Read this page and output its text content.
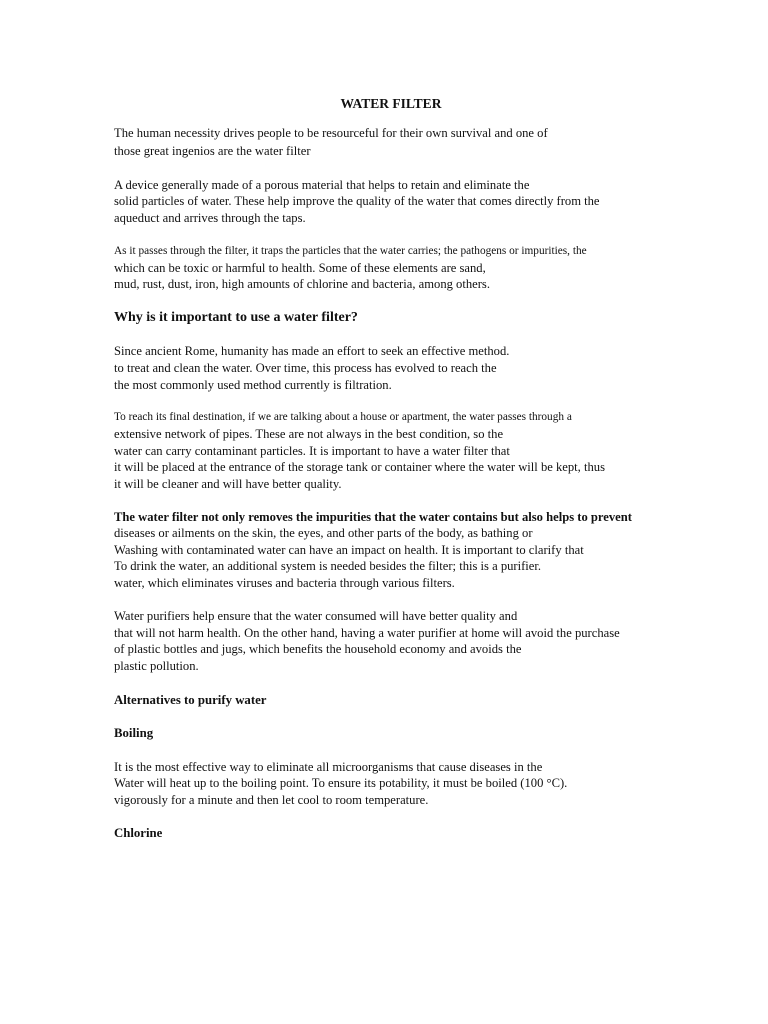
WATER FILTER
The human necessity drives people to be resourceful for their own survival and one of
those great ingenios are the water filter
A device generally made of a porous material that helps to retain and eliminate the
solid particles of water. These help improve the quality of the water that comes directly from the
aqueduct and arrives through the taps.
As it passes through the filter, it traps the particles that the water carries; the pathogens or impurities, the
which can be toxic or harmful to health. Some of these elements are sand,
mud, rust, dust, iron, high amounts of chlorine and bacteria, among others.
Why is it important to use a water filter?
Since ancient Rome, humanity has made an effort to seek an effective method.
to treat and clean the water. Over time, this process has evolved to reach the
the most commonly used method currently is filtration.
To reach its final destination, if we are talking about a house or apartment, the water passes through a
extensive network of pipes. These are not always in the best condition, so the
water can carry contaminant particles. It is important to have a water filter that
it will be placed at the entrance of the storage tank or container where the water will be kept, thus
it will be cleaner and will have better quality.
The water filter not only removes the impurities that the water contains but also helps to prevent
diseases or ailments on the skin, the eyes, and other parts of the body, as bathing or
Washing with contaminated water can have an impact on health. It is important to clarify that
To drink the water, an additional system is needed besides the filter; this is a purifier.
water, which eliminates viruses and bacteria through various filters.
Water purifiers help ensure that the water consumed will have better quality and
that will not harm health. On the other hand, having a water purifier at home will avoid the purchase
of plastic bottles and jugs, which benefits the household economy and avoids the
plastic pollution.
Alternatives to purify water
Boiling
It is the most effective way to eliminate all microorganisms that cause diseases in the
Water will heat up to the boiling point. To ensure its potability, it must be boiled (100 °C).
vigorously for a minute and then let cool to room temperature.
Chlorine
